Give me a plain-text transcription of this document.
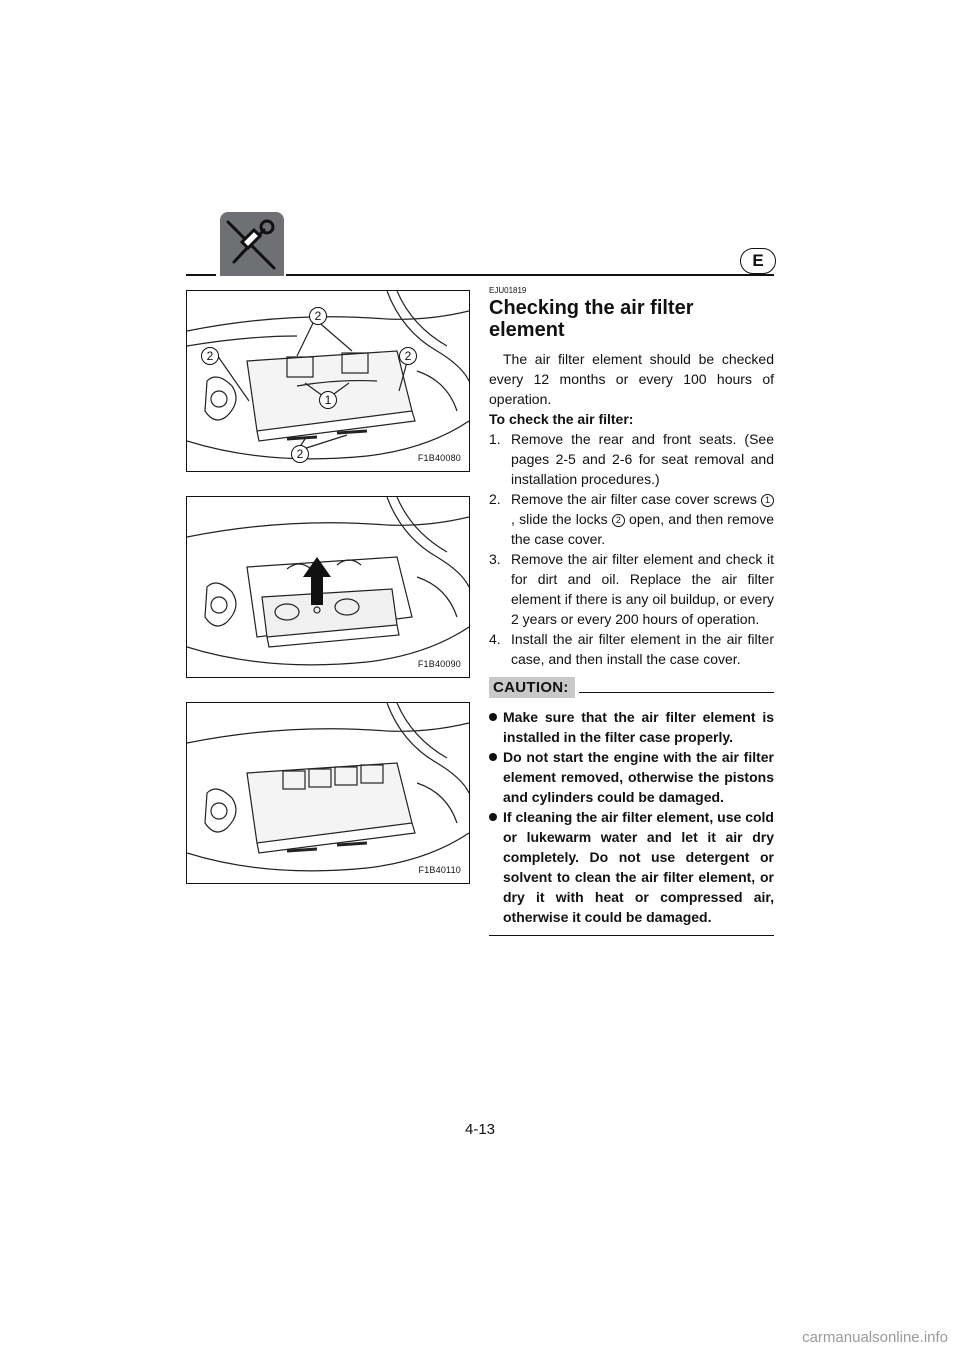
E
2
2	2
1
2	F1B40080
F1B40090
F1B40110

EJU01819

Checking the air filter element

The air filter element should be checked every 12 months or every 100 hours of operation.

To check the air filter:

1. Remove the rear and front seats. (See pages 2-5 and 2-6 for seat removal and installation procedures.)
2. Remove the air filter case cover screws 1, slide the locks 2 open, and then remove the case cover.
3. Remove the air filter element and check it for dirt and oil. Replace the air filter element if there is any oil buildup, or every 2 years or every 200 hours of operation.
4. Install the air filter element in the air filter case, and then install the case cover.
CAUTION:
Make sure that the air filter element is installed in the filter case properly.
Do not start the engine with the air filter element removed, otherwise the pistons and cylinders could be damaged.
If cleaning the air filter element, use cold or lukewarm water and let it air dry completely. Do not use detergent or solvent to clean the air filter element, or dry it with heat or compressed air, otherwise it could be damaged.
4-13
carmanualsonline.info
